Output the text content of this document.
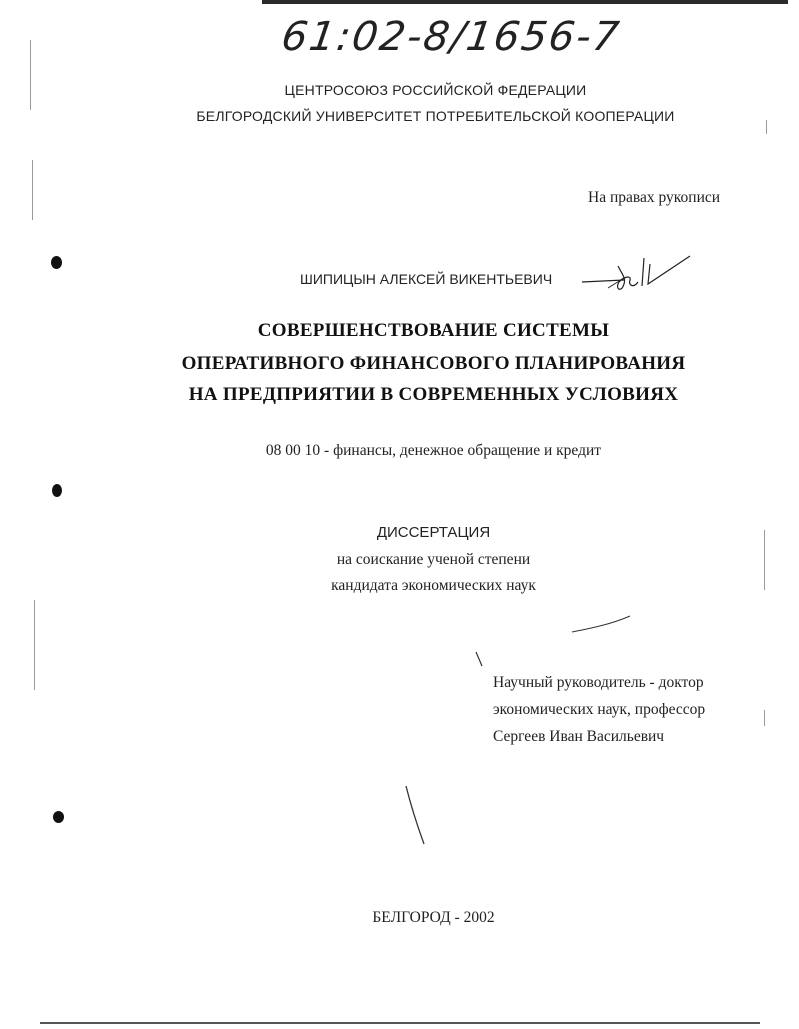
61:02-8/1656-7
ЦЕНТРОСОЮЗ РОССИЙСКОЙ ФЕДЕРАЦИИ
БЕЛГОРОДСКИЙ УНИВЕРСИТЕТ ПОТРЕБИТЕЛЬСКОЙ КООПЕРАЦИИ
На правах рукописи
ШИПИЦЫН АЛЕКСЕЙ ВИКЕНТЬЕВИЧ
СОВЕРШЕНСТВОВАНИЕ СИСТЕМЫ
ОПЕРАТИВНОГО ФИНАНСОВОГО ПЛАНИРОВАНИЯ
НА ПРЕДПРИЯТИИ В СОВРЕМЕННЫХ УСЛОВИЯХ
08 00 10 - финансы, денежное обращение и кредит
ДИССЕРТАЦИЯ
на соискание ученой степени
кандидата экономических наук
Научный руководитель - доктор
экономических наук, профессор
Сергеев Иван Васильевич
БЕЛГОРОД - 2002
